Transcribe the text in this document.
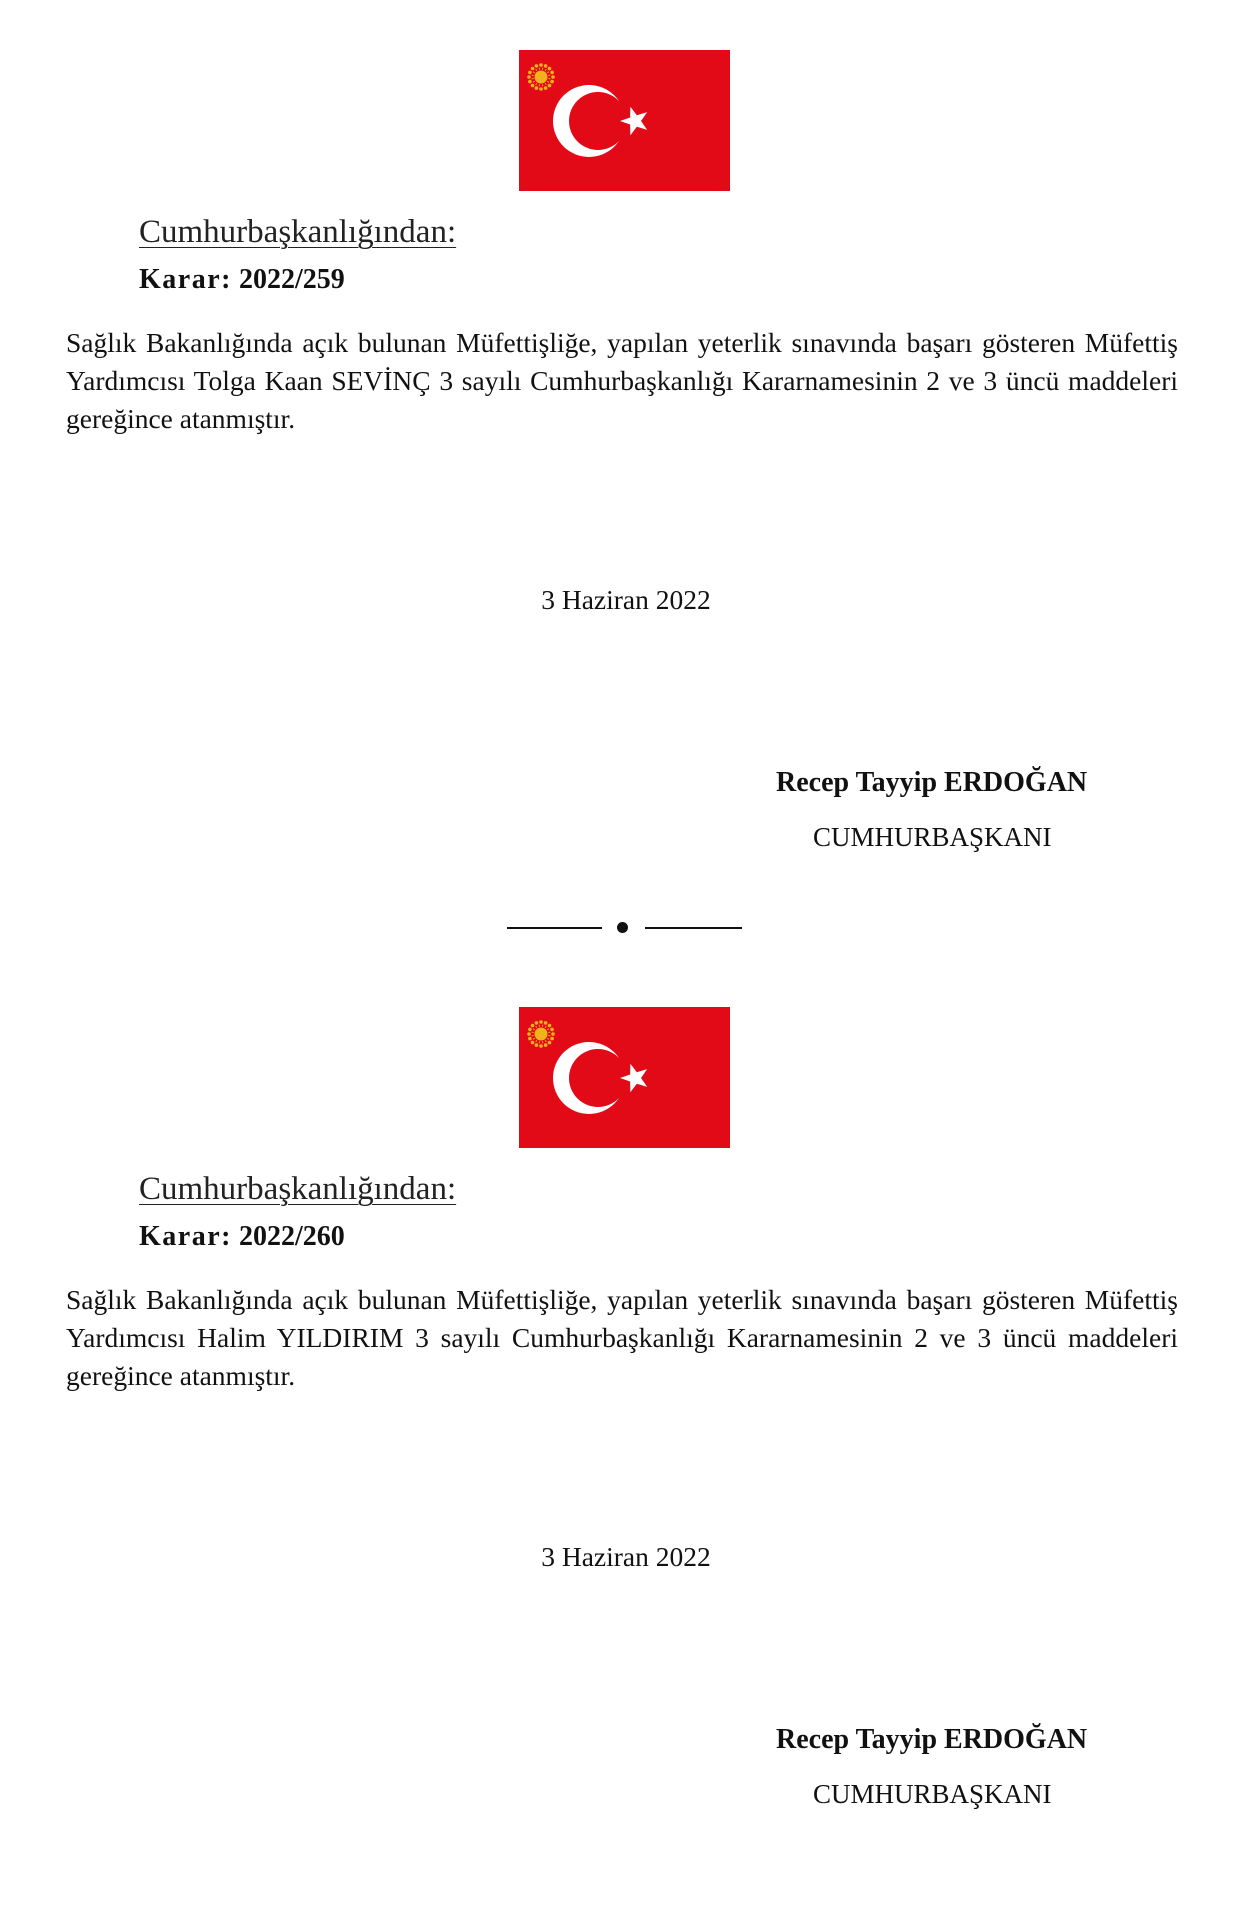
Cumhurbaşkanlığından:
Karar: 2022/259

Sağlık Bakanlığında açık bulunan Müfettişliğe, yapılan yeterlik sınavında başarı gösteren Müfettiş Yardımcısı Tolga Kaan SEVİNÇ 3 sayılı Cumhurbaşkanlığı Kararnamesinin 2 ve 3 üncü maddeleri gereğince atanmıştır.

3 Haziran 2022
Recep Tayyip ERDOĞAN
CUMHURBAŞKANI
Cumhurbaşkanlığından:
Karar: 2022/260

Sağlık Bakanlığında açık bulunan Müfettişliğe, yapılan yeterlik sınavında başarı gösteren Müfettiş Yardımcısı Halim YILDIRIM 3 sayılı Cumhurbaşkanlığı Kararnamesinin 2 ve 3 üncü maddeleri gereğince atanmıştır.

3 Haziran 2022
Recep Tayyip ERDOĞAN
CUMHURBAŞKANI
